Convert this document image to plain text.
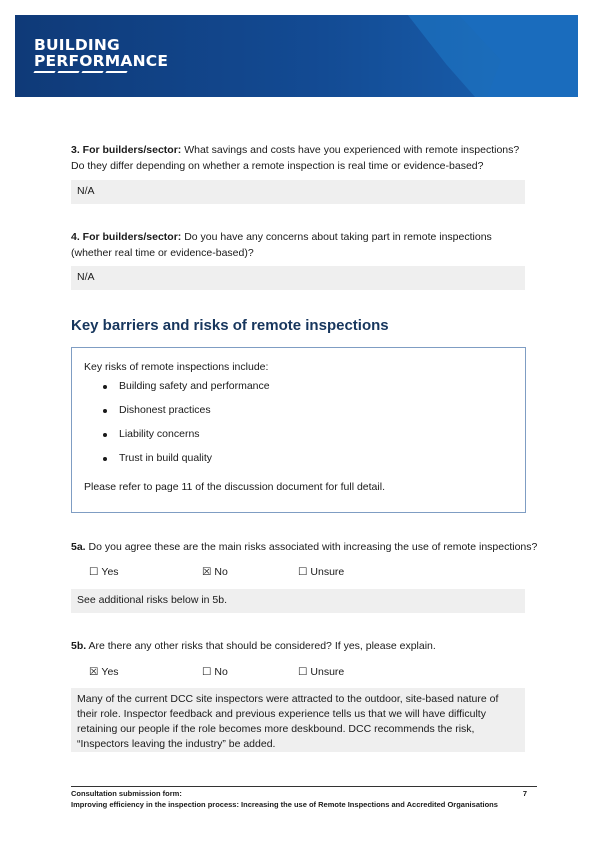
BUILDING
PERFORMANCE
3. For builders/sector: What savings and costs have you experienced with remote inspections? Do they differ depending on whether a remote inspection is real time or evidence-based?
N/A
4. For builders/sector: Do you have any concerns about taking part in remote inspections (whether real time or evidence-based)?
N/A
Key barriers and risks of remote inspections
Key risks of remote inspections include:
Building safety and performance
Dishonest practices
Liability concerns
Trust in build quality
Please refer to page 11 of the discussion document for full detail.
5a. Do you agree these are the main risks associated with increasing the use of remote inspections?
☐ Yes	☒ No	☐ Unsure
See additional risks below in 5b.
5b. Are there any other risks that should be considered? If yes, please explain.
☒ Yes	☐ No	☐ Unsure
Many of the current DCC site inspectors were attracted to the outdoor, site-based nature of their role. Inspector feedback and previous experience tells us that we will have difficulty retaining our people if the role becomes more deskbound. DCC recommends the risk, “Inspectors leaving the industry” be added.
Consultation submission form:	7
Improving efficiency in the inspection process: Increasing the use of Remote Inspections and Accredited Organisations
